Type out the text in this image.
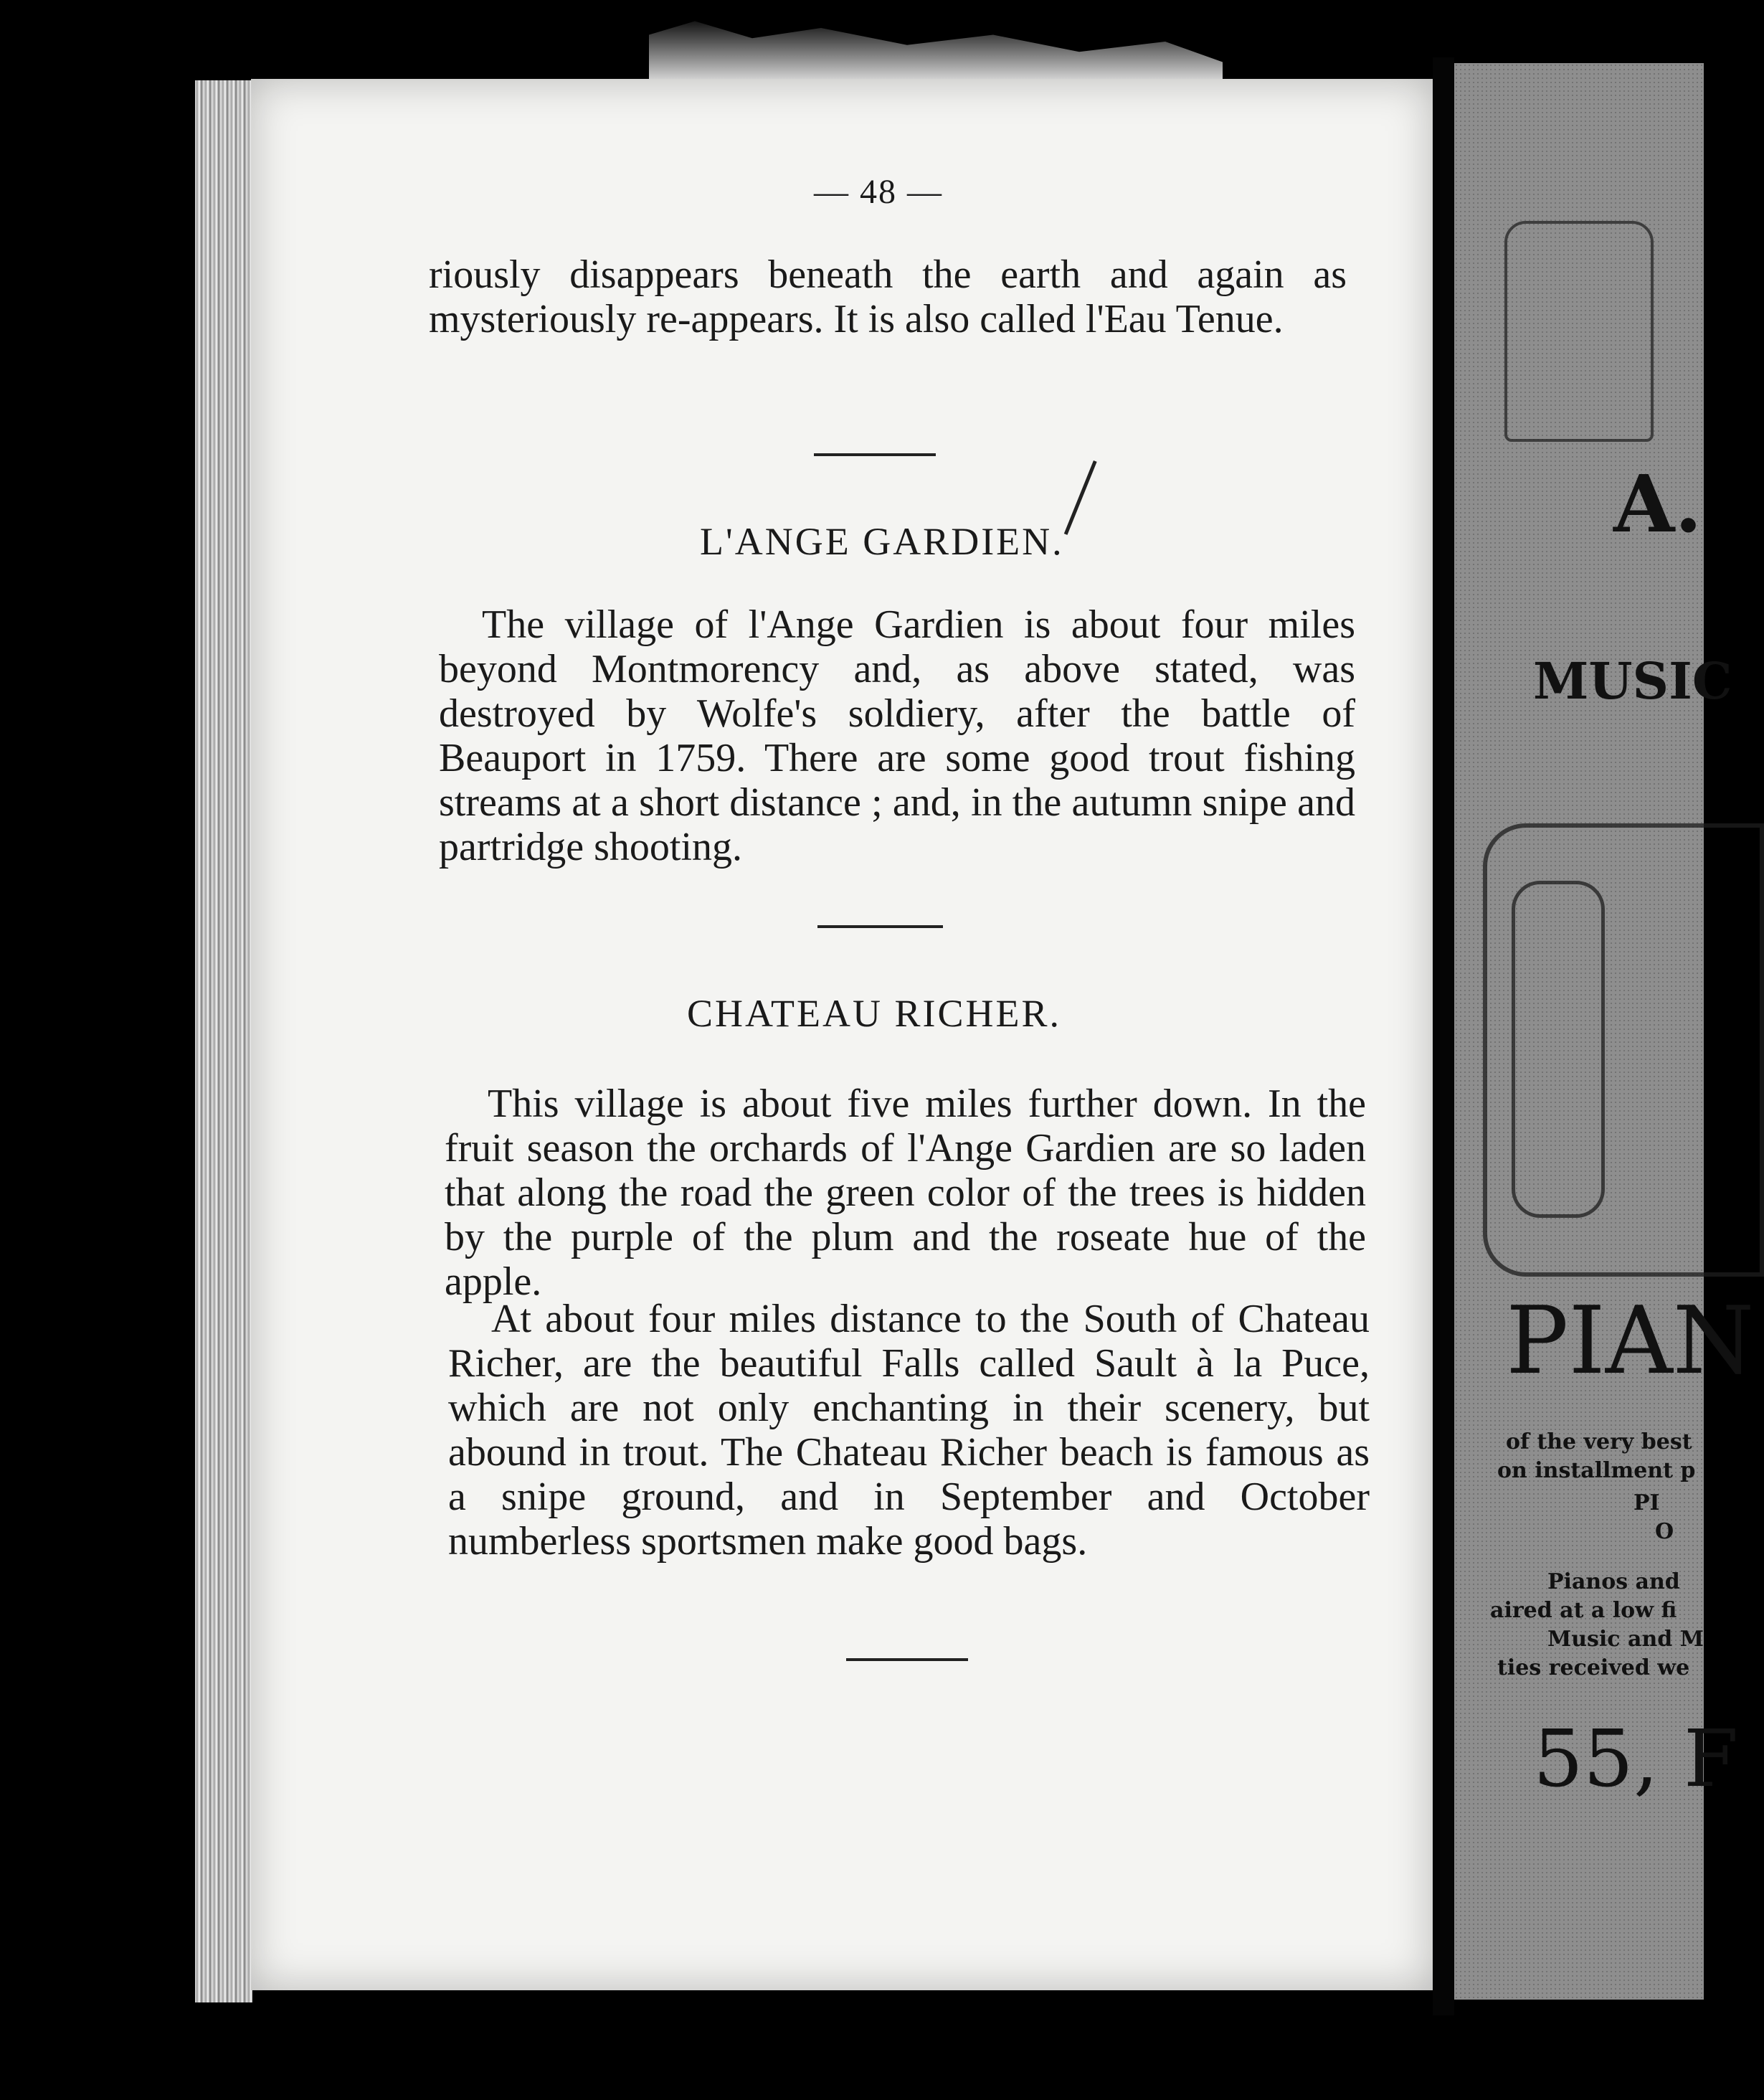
— 48 —
riously disappears beneath the earth and again as mysteriously re-appears. It is also called l'Eau Tenue.
L'ANGE GARDIEN.
The village of l'Ange Gardien is about four miles beyond Montmorency and, as above stated, was destroyed by Wolfe's soldiery, after the battle of Beauport in 1759. There are some good trout fishing streams at a short distance ; and, in the autumn snipe and partridge shooting.
CHATEAU RICHER.
This village is about five miles further down. In the fruit season the orchards of l'Ange Gardien are so laden that along the road the green color of the trees is hidden by the purple of the plum and the roseate hue of the apple.
At about four miles distance to the South of Chateau Richer, are the beautiful Falls called Sault à la Puce, which are not only enchanting in their scenery, but abound in trout. The Chateau Richer beach is famous as a snipe ground, and in September and October numberless sportsmen make good bags.
A.
MUSIC
PIAN
of the very best
on installment p
PI
O
Pianos and
aired at a low fi
Music and M
ties received we
55, F
